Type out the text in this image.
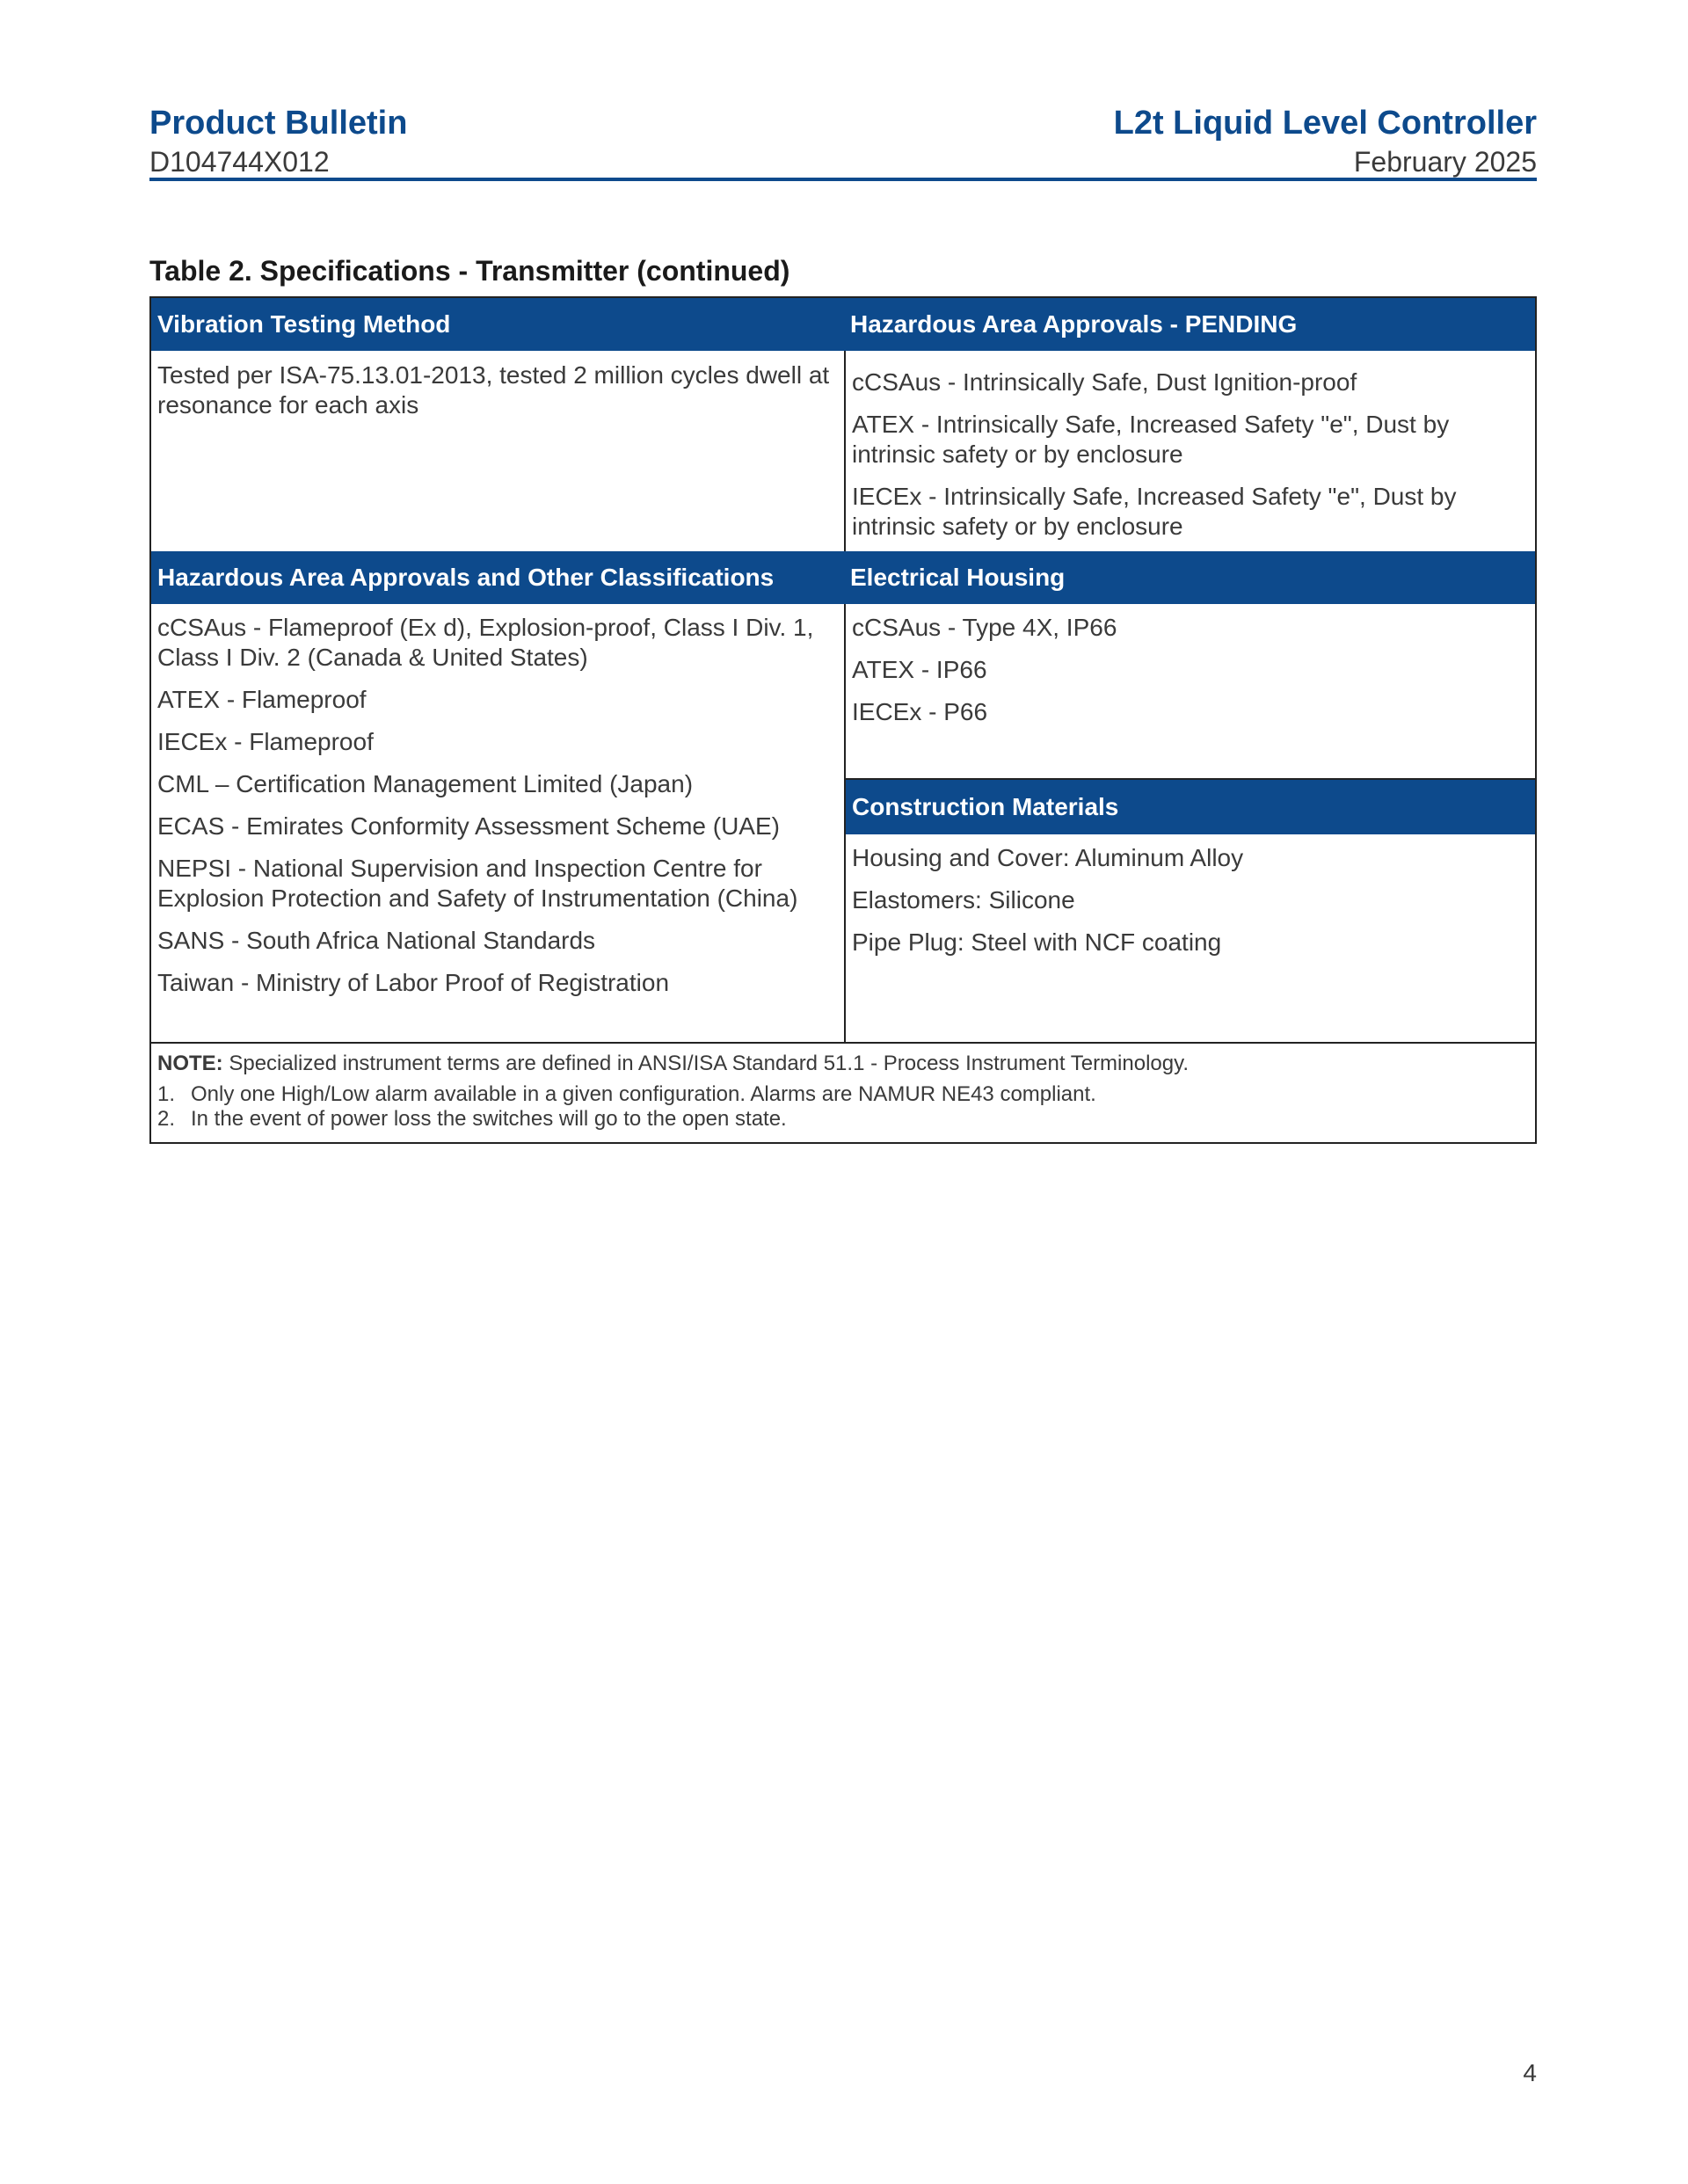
Product Bulletin
D104744X012
L2t Liquid Level Controller
February 2025
Table 2. Specifications - Transmitter (continued)
Vibration Testing Method	Hazardous Area Approvals - PENDING

Tested per ISA-75.13.01-2013, tested 2 million cycles dwell at resonance for each axis

cCSAus - Intrinsically Safe, Dust Ignition-proof

ATEX - Intrinsically Safe, Increased Safety "e", Dust by intrinsic safety or by enclosure

IECEx - Intrinsically Safe, Increased Safety "e", Dust by intrinsic safety or by enclosure

Hazardous Area Approvals and Other Classifications	Electrical Housing

cCSAus - Flameproof (Ex d), Explosion-proof, Class I Div. 1, Class I Div. 2 (Canada & United States)

ATEX - Flameproof

IECEx - Flameproof

CML – Certification Management Limited (Japan)

ECAS - Emirates Conformity Assessment Scheme (UAE)

NEPSI - National Supervision and Inspection Centre for Explosion Protection and Safety of Instrumentation (China)

SANS - South Africa National Standards

Taiwan - Ministry of Labor Proof of Registration

cCSAus - Type 4X, IP66

ATEX - IP66

IECEx - P66

Construction Materials

Housing and Cover: Aluminum Alloy

Elastomers: Silicone

Pipe Plug: Steel with NCF coating

NOTE: Specialized instrument terms are defined in ANSI/ISA Standard 51.1 - Process Instrument Terminology.

1. Only one High/Low alarm available in a given configuration. Alarms are NAMUR NE43 compliant.
2. In the event of power loss the switches will go to the open state.
4
